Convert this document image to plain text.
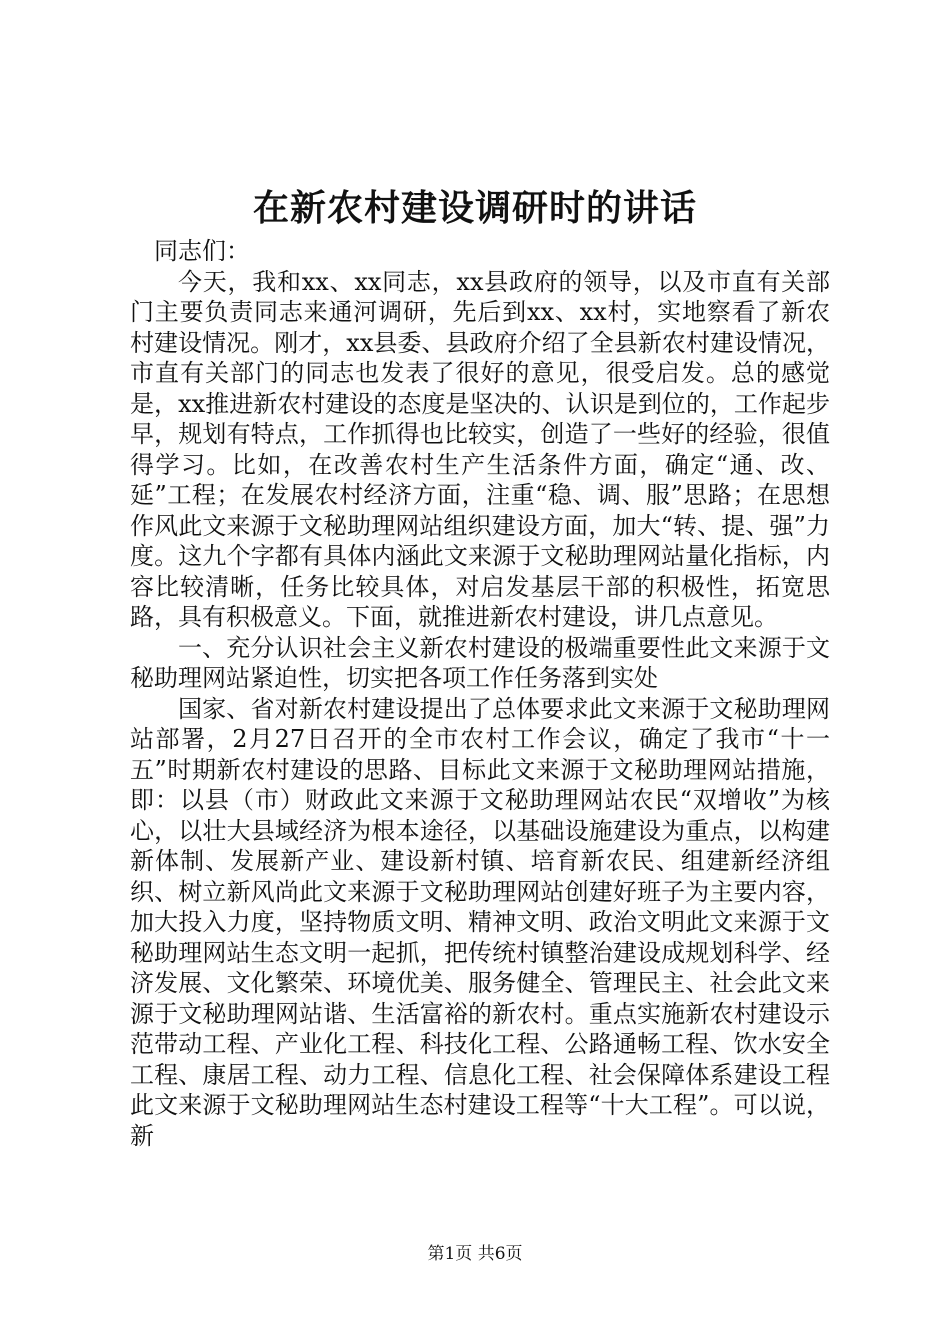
在新农村建设调研时的讲话

同志们：

今天，我和xx、xx同志，xx县政府的领导，以及市直有关部门主要负责同志来通河调研，先后到xx、xx村，实地察看了新农村建设情况。刚才，xx县委、县政府介绍了全县新农村建设情况，市直有关部门的同志也发表了很好的意见，很受启发。总的感觉是，xx推进新农村建设的态度是坚决的、认识是到位的，工作起步早，规划有特点，工作抓得也比较实，创造了一些好的经验，很值得学习。比如，在改善农村生产生活条件方面，确定“通、改、延”工程；在发展农村经济方面，注重“稳、调、服”思路；在思想作风此文来源于文秘助理网站组织建设方面，加大“转、提、强”力度。这九个字都有具体内涵此文来源于文秘助理网站量化指标，内容比较清晰，任务比较具体，对启发基层干部的积极性，拓宽思路，具有积极意义。下面，就推进新农村建设，讲几点意见。

一、充分认识社会主义新农村建设的极端重要性此文来源于文秘助理网站紧迫性，切实把各项工作任务落到实处

国家、省对新农村建设提出了总体要求此文来源于文秘助理网站部署，2月27日召开的全市农村工作会议，确定了我市“十一五”时期新农村建设的思路、目标此文来源于文秘助理网站措施，即：以县（市）财政此文来源于文秘助理网站农民“双增收”为核心，以壮大县域经济为根本途径，以基础设施建设为重点，以构建新体制、发展新产业、建设新村镇、培育新农民、组建新经济组织、树立新风尚此文来源于文秘助理网站创建好班子为主要内容，加大投入力度，坚持物质文明、精神文明、政治文明此文来源于文秘助理网站生态文明一起抓，把传统村镇整治建设成规划科学、经济发展、文化繁荣、环境优美、服务健全、管理民主、社会此文来源于文秘助理网站谐、生活富裕的新农村。重点实施新农村建设示范带动工程、产业化工程、科技化工程、公路通畅工程、饮水安全工程、康居工程、动力工程、信息化工程、社会保障体系建设工程此文来源于文秘助理网站生态村建设工程等“十大工程”。可以说，新

第1页 共6页
